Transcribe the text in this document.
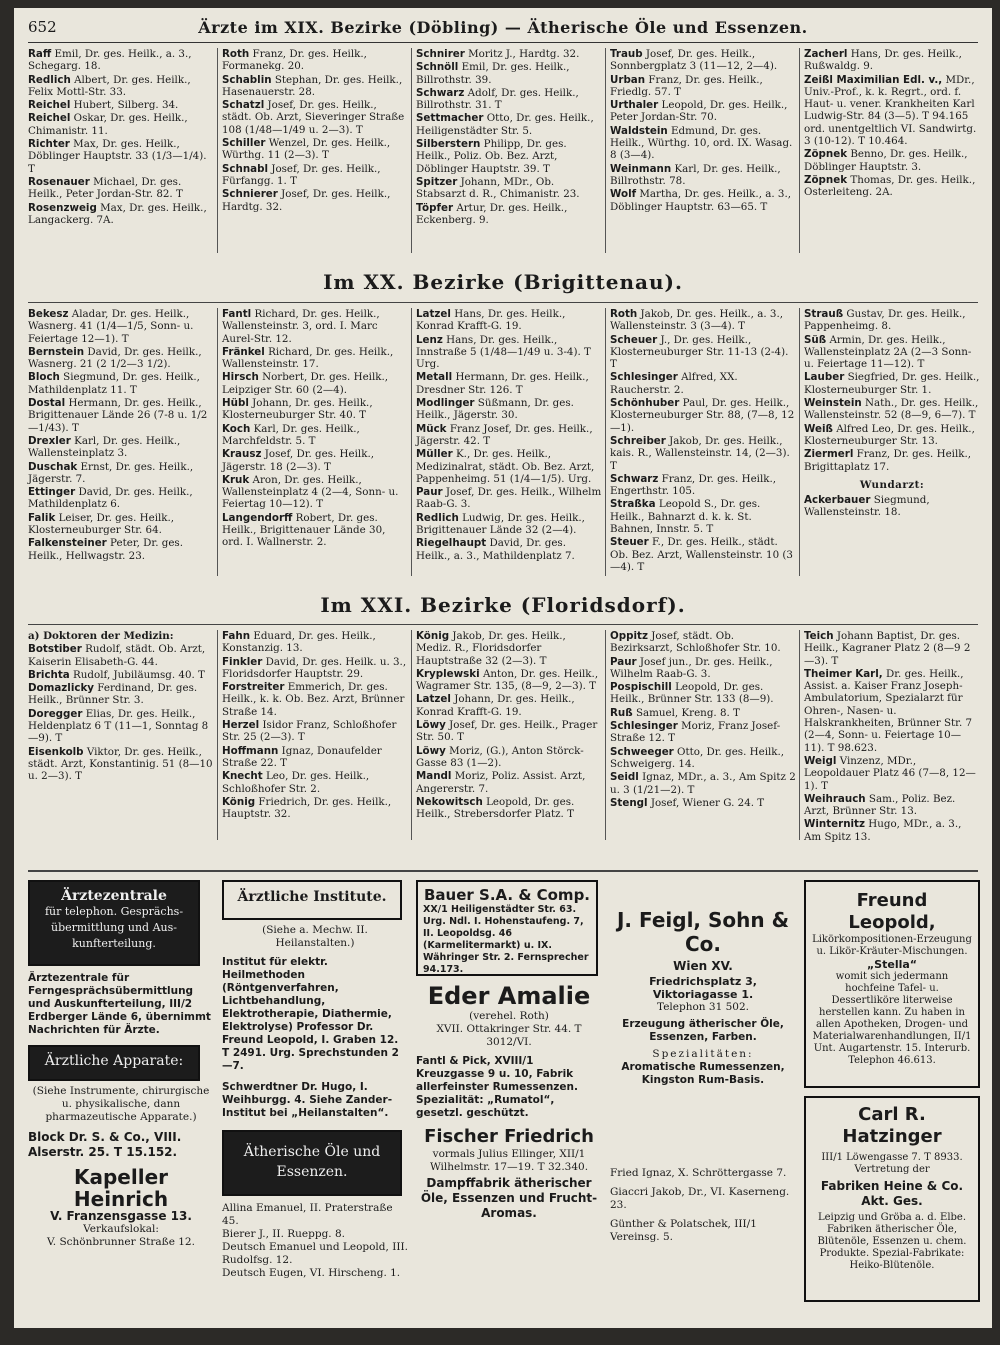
652	Ärzte im XIX. Bezirke (Döbling) — Ätherische Öle und Essenzen.
Raff Emil, Dr. ges. Heilk., a. 3., Schegarg. 18.
Redlich Albert, Dr. ges. Heilk., Felix Mottl-Str. 33.
Reichel Hubert, Silberg. 34.
Reichel Oskar, Dr. ges. Heilk., Chimanistr. 11.
Richter Max, Dr. ges. Heilk., Döblinger Hauptstr. 33 (1/3—1/4). T
Rosenauer Michael, Dr. ges. Heilk., Peter Jordan-Str. 82. T
Rosenzweig Max, Dr. ges. Heilk., Langackerg. 7A.
Roth Franz, Dr. ges. Heilk., Formanekg. 20.
Schablin Stephan, Dr. ges. Heilk., Hasenauerstr. 28.
Schatzl Josef, Dr. ges. Heilk., städt. Ob. Arzt, Sieveringer Straße 108 (1/48—1/49 u. 2—3). T
Schiller Wenzel, Dr. ges. Heilk., Würthg. 11 (2—3). T
Schnabl Josef, Dr. ges. Heilk., Fürfangg. 1. T
Schnierer Josef, Dr. ges. Heilk., Hardtg. 32.
Schnirer Moritz J., Hardtg. 32.
Schnöll Emil, Dr. ges. Heilk., Billrothstr. 39.
Schwarz Adolf, Dr. ges. Heilk., Billrothstr. 31. T
Settmacher Otto, Dr. ges. Heilk., Heiligenstädter Str. 5.
Silberstern Philipp, Dr. ges. Heilk., Poliz. Ob. Bez. Arzt, Döblinger Hauptstr. 39. T
Spitzer Johann, MDr., Ob. Stabsarzt d. R., Chimanistr. 23.
Töpfer Artur, Dr. ges. Heilk., Eckenberg. 9.
Traub Josef, Dr. ges. Heilk., Sonnbergplatz 3 (11—12, 2—4).
Urban Franz, Dr. ges. Heilk., Friedlg. 57. T
Urthaler Leopold, Dr. ges. Heilk., Peter Jordan-Str. 70.
Waldstein Edmund, Dr. ges. Heilk., Würthg. 10, ord. IX. Wasag. 8 (3—4).
Weinmann Karl, Dr. ges. Heilk., Billrothstr. 78.
Wolf Martha, Dr. ges. Heilk., a. 3., Döblinger Hauptstr. 63—65. T
Zacherl Hans, Dr. ges. Heilk., Rußwaldg. 9.
Zeißl Maximilian Edl. v., MDr., Univ.-Prof., k. k. Regrt., ord. f. Haut- u. vener. Krankheiten Karl Ludwig-Str. 84 (3—5). T 94.165 ord. unentgeltlich VI. Sandwirtg. 3 (10-12). T 10.464.
Zöpnek Benno, Dr. ges. Heilk., Döblinger Hauptstr. 3.
Zöpnek Thomas, Dr. ges. Heilk., Osterleiteng. 2A.
Im XX. Bezirke (Brigittenau).
Bekesz Aladar, Dr. ges. Heilk., Wasnerg. 41 (1/4—1/5, Sonn- u. Feiertage 12—1). T
Bernstein David, Dr. ges. Heilk., Wasnerg. 21 (2 1/2—3 1/2).
Bloch Siegmund, Dr. ges. Heilk., Mathildenplatz 11. T
Dostal Hermann, Dr. ges. Heilk., Brigittenauer Lände 26 (7-8 u. 1/2—1/43). T
Drexler Karl, Dr. ges. Heilk., Wallensteinplatz 3.
Duschak Ernst, Dr. ges. Heilk., Jägerstr. 7.
Ettinger David, Dr. ges. Heilk., Mathildenplatz 6.
Falik Leiser, Dr. ges. Heilk., Klosterneuburger Str. 64.
Falkensteiner Peter, Dr. ges. Heilk., Hellwagstr. 23.
Fantl Richard, Dr. ges. Heilk., Wallensteinstr. 3, ord. I. Marc Aurel-Str. 12.
Fränkel Richard, Dr. ges. Heilk., Wallensteinstr. 17.
Hirsch Norbert, Dr. ges. Heilk., Leipziger Str. 60 (2—4).
Hübl Johann, Dr. ges. Heilk., Klosterneuburger Str. 40. T
Koch Karl, Dr. ges. Heilk., Marchfeldstr. 5. T
Krausz Josef, Dr. ges. Heilk., Jägerstr. 18 (2—3). T
Kruk Aron, Dr. ges. Heilk., Wallensteinplatz 4 (2—4, Sonn- u. Feiertag 10—12). T
Langendorff Robert, Dr. ges. Heilk., Brigittenauer Lände 30, ord. I. Wallnerstr. 2.
Latzel Hans, Dr. ges. Heilk., Konrad Krafft-G. 19.
Lenz Hans, Dr. ges. Heilk., Innstraße 5 (1/48—1/49 u. 3-4). T Urg.
Metall Hermann, Dr. ges. Heilk., Dresdner Str. 126. T
Modlinger Süßmann, Dr. ges. Heilk., Jägerstr. 30.
Mück Franz Josef, Dr. ges. Heilk., Jägerstr. 42. T
Müller K., Dr. ges. Heilk., Medizinalrat, städt. Ob. Bez. Arzt, Pappenheimg. 51 (1/4—1/5). Urg.
Paur Josef, Dr. ges. Heilk., Wilhelm Raab-G. 3.
Redlich Ludwig, Dr. ges. Heilk., Brigittenauer Lände 32 (2—4).
Riegelhaupt David, Dr. ges. Heilk., a. 3., Mathildenplatz 7.
Roth Jakob, Dr. ges. Heilk., a. 3., Wallensteinstr. 3 (3—4). T
Scheuer J., Dr. ges. Heilk., Klosterneuburger Str. 11-13 (2-4). T
Schlesinger Alfred, XX. Raucherstr. 2.
Schönhuber Paul, Dr. ges. Heilk., Klosterneuburger Str. 88, (7—8, 12—1).
Schreiber Jakob, Dr. ges. Heilk., kais. R., Wallensteinstr. 14, (2—3). T
Schwarz Franz, Dr. ges. Heilk., Engerthstr. 105.
Straßka Leopold S., Dr. ges. Heilk., Bahnarzt d. k. k. St. Bahnen, Innstr. 5. T
Steuer F., Dr. ges. Heilk., städt. Ob. Bez. Arzt, Wallensteinstr. 10 (3—4). T
Strauß Gustav, Dr. ges. Heilk., Pappenheimg. 8.
Süß Armin, Dr. ges. Heilk., Wallensteinplatz 2A (2—3 Sonn- u. Feiertage 11—12). T
Lauber Siegfried, Dr. ges. Heilk., Klosterneuburger Str. 1.
Weinstein Nath., Dr. ges. Heilk., Wallensteinstr. 52 (8—9, 6—7). T
Weiß Alfred Leo, Dr. ges. Heilk., Klosterneuburger Str. 13.
Ziermerl Franz, Dr. ges. Heilk., Brigittaplatz 17.
Wundarzt:
Ackerbauer Siegmund, Wallensteinstr. 18.
Im XXI. Bezirke (Floridsdorf).
a) Doktoren der Medizin:
Botstiber Rudolf, städt. Ob. Arzt, Kaiserin Elisabeth-G. 44.
Brichta Rudolf, Jubiläumsg. 40. T
Domazlicky Ferdinand, Dr. ges. Heilk., Brünner Str. 3.
Doregger Elias, Dr. ges. Heilk., Heldenplatz 6 T (11—1, Sonntag 8—9). T
Eisenkolb Viktor, Dr. ges. Heilk., städt. Arzt, Konstantinig. 51 (8—10 u. 2—3). T
Fahn Eduard, Dr. ges. Heilk., Konstanzig. 13.
Finkler David, Dr. ges. Heilk. u. 3., Floridsdorfer Hauptstr. 29.
Forstreiter Emmerich, Dr. ges. Heilk., k. k. Ob. Bez. Arzt, Brünner Straße 14.
Herzel Isidor Franz, Schloßhofer Str. 25 (2—3). T
Hoffmann Ignaz, Donaufelder Straße 22. T
Knecht Leo, Dr. ges. Heilk., Schloßhofer Str. 2.
König Friedrich, Dr. ges. Heilk., Hauptstr. 32.
König Jakob, Dr. ges. Heilk., Mediz. R., Floridsdorfer Hauptstraße 32 (2—3). T
Kryplewski Anton, Dr. ges. Heilk., Wagramer Str. 135, (8—9, 2—3). T
Latzel Johann, Dr. ges. Heilk., Konrad Krafft-G. 19.
Löwy Josef, Dr. ges. Heilk., Prager Str. 50. T
Löwy Moriz, (G.), Anton Störck-Gasse 83 (1—2).
Mandl Moriz, Poliz. Assist. Arzt, Angererstr. 7.
Nekowitsch Leopold, Dr. ges. Heilk., Strebersdorfer Platz. T
Oppitz Josef, städt. Ob. Bezirksarzt, Schloßhofer Str. 10.
Paur Josef jun., Dr. ges. Heilk., Wilhelm Raab-G. 3.
Pospischill Leopold, Dr. ges. Heilk., Brünner Str. 133 (8—9).
Ruß Samuel, Kreng. 8. T
Schlesinger Moriz, Franz Josef-Straße 12. T
Schweeger Otto, Dr. ges. Heilk., Schweigerg. 14.
Seidl Ignaz, MDr., a. 3., Am Spitz 2 u. 3 (1/21—2). T
Stengl Josef, Wiener G. 24. T
Teich Johann Baptist, Dr. ges. Heilk., Kagraner Platz 2 (8—9 2—3). T
Theimer Karl, Dr. ges. Heilk., Assist. a. Kaiser Franz Joseph-Ambulatorium, Spezialarzt für Ohren-, Nasen- u. Halskrankheiten, Brünner Str. 7 (2—4, Sonn- u. Feiertage 10—11). T 98.623.
Weigl Vinzenz, MDr., Leopoldauer Platz 46 (7—8, 12—1). T
Weihrauch Sam., Poliz. Bez. Arzt, Brünner Str. 13.
Winternitz Hugo, MDr., a. 3., Am Spitz 13.
Ärztezentrale
für telephon. Gesprächs-
übermittlung und Aus-
kunfterteilung.
Ärztezentrale für Ferngesprächsübermittlung und Auskunfterteilung, III/2 Erdberger Lände 6, übernimmt Nachrichten für Ärzte.
Ärztliche Apparate:
(Siehe Instrumente, chirurgische u. physikalische, dann pharmazeutische Apparate.)
Block Dr. S. & Co., VIII. Alserstr. 25. T 15.152.
Kapeller Heinrich
V. Franzensgasse 13.
Verkaufslokal:
V. Schönbrunner Straße 12.
Ärztliche Institute.
(Siehe a. Mechw. II. Heilanstalten.)
Institut für elektr. Heilmethoden (Röntgenverfahren, Lichtbehandlung, Elektrotherapie, Diathermie, Elektrolyse) Professor Dr. Freund Leopold, I. Graben 12. T 2491. Urg. Sprechstunden 2—7.
Schwerdtner Dr. Hugo, I. Weihburgg. 4. Siehe Zander-Institut bei „Heilanstalten“.
Ätherische Öle und
Essenzen.
Allina Emanuel, II. Praterstraße 45.
Bierer J., II. Rueppg. 8.
Deutsch Emanuel und Leopold, III. Rudolfsg. 12.
Deutsch Eugen, VI. Hirscheng. 1.
Bauer S.A. & Comp.
XX/1 Heiligenstädter Str. 63. Urg. Ndl. I. Hohenstaufeng. 7, II. Leopoldsg. 46 (Karmelitermarkt) u. IX. Währinger Str. 2. Fernsprecher 94.173.
Eder Amalie
(verehel. Roth)
XVII. Ottakringer Str. 44. T 3012/VI.
Fantl & Pick, XVIII/1 Kreuzgasse 9 u. 10, Fabrik allerfeinster Rumessenzen. Spezialität: „Rumatol“, gesetzl. geschützt.
Fischer Friedrich
vormals Julius Ellinger, XII/1 Wilhelmstr. 17—19. T 32.340.
Dampffabrik ätherischer Öle, Essenzen und Frucht-Aromas.
J. Feigl, Sohn & Co.
Wien XV.
Friedrichsplatz 3, Viktoriagasse 1.
Telephon 31 502.
Erzeugung ätherischer Öle, Essenzen, Farben.
Spezialitäten:
Aromatische Rumessenzen, Kingston Rum-Basis.
Fried Ignaz, X. Schröttergasse 7.
Giaccri Jakob, Dr., VI. Kaserneng. 23.
Günther & Polatschek, III/1 Vereinsg. 5.
Freund Leopold,
Likörkompositionen-Erzeugung u. Likör-Kräuter-Mischungen.
„Stella“
womit sich jedermann hochfeine Tafel- u. Dessertliköre literweise herstellen kann. Zu haben in allen Apotheken, Drogen- und Materialwarenhandlungen, II/1 Unt. Augartenstr. 15. Interurb. Telephon 46.613.
Carl R. Hatzinger
III/1 Löwengasse 7. T 8933. Vertretung der
Fabriken Heine & Co. Akt. Ges.
Leipzig und Gröba a. d. Elbe. Fabriken ätherischer Öle, Blütenöle, Essenzen u. chem. Produkte. Spezial-Fabrikate: Heiko-Blütenöle.
